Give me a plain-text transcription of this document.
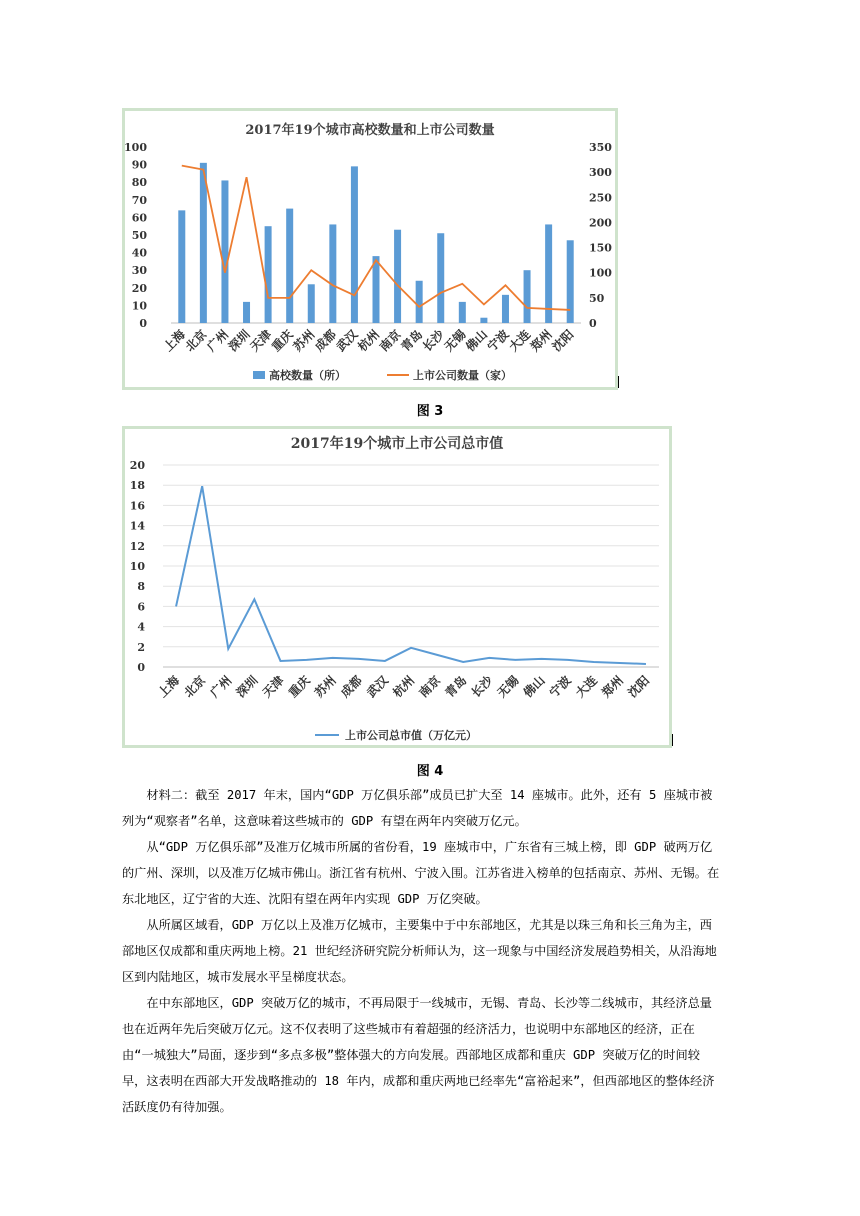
2017年19个城市高校数量和上市公司数量
0
10
20
30
40
50
60
70
80
90
100
0
50
100
150
200
250
300
350
上海
北京
广州
深圳
天津
重庆
苏州
成都
武汉
杭州
南京
青岛
长沙
无锡
佛山
宁波
大连
郑州
沈阳
高校数量（所）	上市公司数量（家）
图 3
2017年19个城市上市公司总市值
0
2
4
6
8
10
12
14
16
18
20
上海 北京 广州 深圳 天津 重庆 苏州 成都 武汉 杭州 南京 青岛 长沙 无锡 佛山 宁波 大连 郑州 沈阳
上市公司总市值（万亿元）
图 4

材料二：截至 2017 年末，国内“GDP 万亿俱乐部”成员已扩大至 14 座城市。此外，还有 5 座城市被列为“观察者”名单，这意味着这些城市的 GDP 有望在两年内突破万亿元。

从“GDP 万亿俱乐部”及准万亿城市所属的省份看，19 座城市中，广东省有三城上榜，即 GDP 破两万亿的广州、深圳，以及准万亿城市佛山。浙江省有杭州、宁波入围。江苏省进入榜单的包括南京、苏州、无锡。在东北地区，辽宁省的大连、沈阳有望在两年内实现 GDP 万亿突破。

从所属区域看，GDP 万亿以上及准万亿城市，主要集中于中东部地区，尤其是以珠三角和长三角为主，西部地区仅成都和重庆两地上榜。21 世纪经济研究院分析师认为，这一现象与中国经济发展趋势相关，从沿海地区到内陆地区，城市发展水平呈梯度状态。

在中东部地区，GDP 突破万亿的城市，不再局限于一线城市，无锡、青岛、长沙等二线城市，其经济总量也在近两年先后突破万亿元。这不仅表明了这些城市有着超强的经济活力，也说明中东部地区的经济，正在由“一城独大”局面，逐步到“多点多极”整体强大的方向发展。西部地区成都和重庆 GDP 突破万亿的时间较早，这表明在西部大开发战略推动的 18 年内，成都和重庆两地已经率先“富裕起来”，但西部地区的整体经济活跃度仍有待加强。
